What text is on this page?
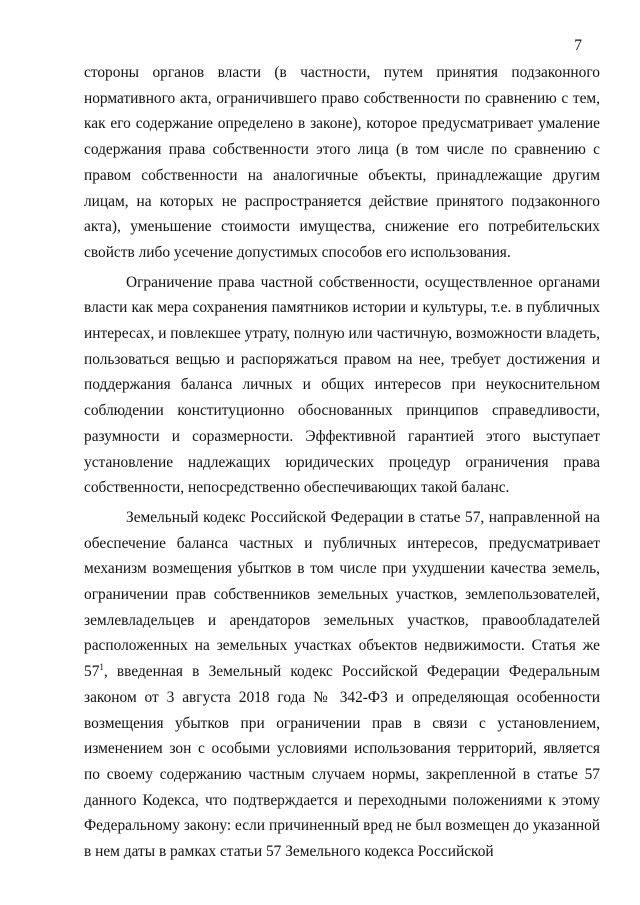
7

стороны органов власти (в частности, путем принятия подзаконного нормативного акта, ограничившего право собственности по сравнению с тем, как его содержание определено в законе), которое предусматривает умаление содержания права собственности этого лица (в том числе по сравнению с правом собственности на аналогичные объекты, принадлежащие другим лицам, на которых не распространяется действие принятого подзаконного акта), уменьшение стоимости имущества, снижение его потребительских свойств либо усечение допустимых способов его использования.

Ограничение права частной собственности, осуществленное органами власти как мера сохранения памятников истории и культуры, т.е. в публичных интересах, и повлекшее утрату, полную или частичную, возможности владеть, пользоваться вещью и распоряжаться правом на нее, требует достижения и поддержания баланса личных и общих интересов при неукоснительном соблюдении конституционно обоснованных принципов справедливости, разумности и соразмерности. Эффективной гарантией этого выступает установление надлежащих юридических процедур ограничения права собственности, непосредственно обеспечивающих такой баланс.

Земельный кодекс Российской Федерации в статье 57, направленной на обеспечение баланса частных и публичных интересов, предусматривает механизм возмещения убытков в том числе при ухудшении качества земель, ограничении прав собственников земельных участков, землепользователей, землевладельцев и арендаторов земельных участков, правообладателей расположенных на земельных участках объектов недвижимости. Статья же $57^1$, введенная в Земельный кодекс Российской Федерации Федеральным законом от 3 августа 2018 года № 342-ФЗ и определяющая особенности возмещения убытков при ограничении прав в связи с установлением, изменением зон с особыми условиями использования территорий, является по своему содержанию частным случаем нормы, закрепленной в статье 57 данного Кодекса, что подтверждается и переходными положениями к этому Федеральному закону: если причиненный вред не был возмещен до указанной в нем даты в рамках статьи 57 Земельного кодекса Российской
